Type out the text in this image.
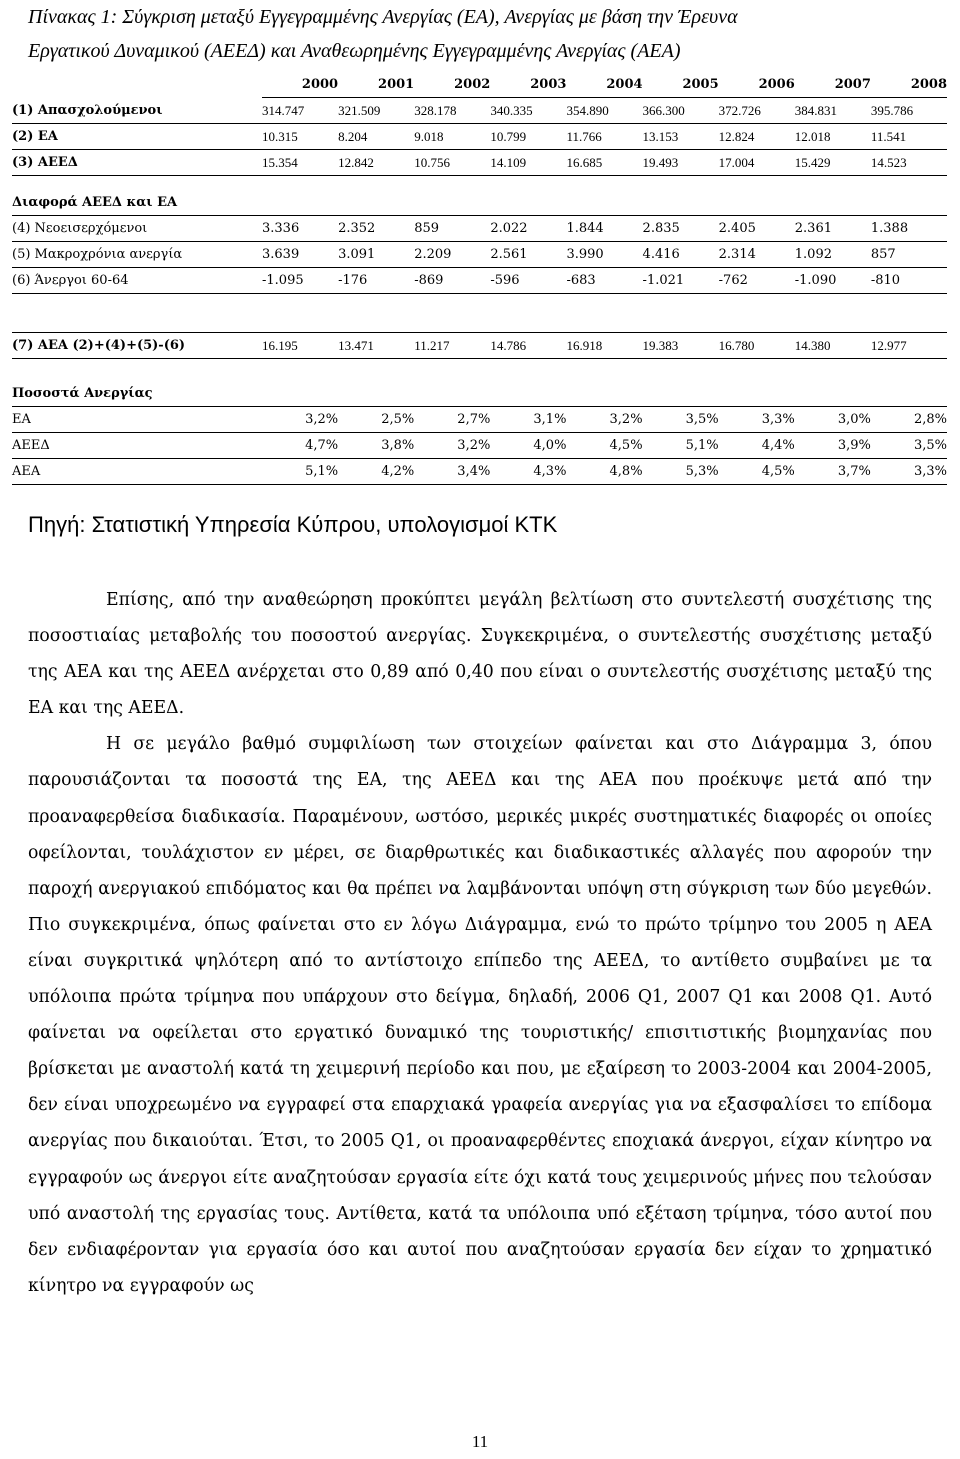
Πίνακας 1: Σύγκριση μεταξύ Εγγεγραμμένης Ανεργίας (ΕΑ), Ανεργίας με βάση την Έρευνα
Εργατικού Δυναμικού (ΑΕΕΔ) και Αναθεωρημένης Εγγεγραμμένης Ανεργίας (ΑΕΑ)
	2000	2001	2002	2003	2004	2005	2006	2007	2008
(1) Απασχολούμενοι	314.747	321.509	328.178	340.335	354.890	366.300	372.726	384.831	395.786
(2) ΕΑ	10.315	8.204	9.018	10.799	11.766	13.153	12.824	12.018	11.541
(3) ΑΕΕΔ	15.354	12.842	10.756	14.109	16.685	19.493	17.004	15.429	14.523

Διαφορά ΑΕΕΔ και ΕΑ									
(4) Νεοεισερχόμενοι	3.336	2.352	859	2.022	1.844	2.835	2.405	2.361	1.388
(5) Μακροχρόνια ανεργία	3.639	3.091	2.209	2.561	3.990	4.416	2.314	1.092	857
(6) Άνεργοι 60-64	-1.095	-176	-869	-596	-683	-1.021	-762	-1.090	-810

(7) ΑΕΑ (2)+(4)+(5)-(6)	16.195	13.471	11.217	14.786	16.918	19.383	16.780	14.380	12.977

Ποσοστά Ανεργίας									
ΕΑ	3,2%	2,5%	2,7%	3,1%	3,2%	3,5%	3,3%	3,0%	2,8%
ΑΕΕΔ	4,7%	3,8%	3,2%	4,0%	4,5%	5,1%	4,4%	3,9%	3,5%
ΑΕΑ	5,1%	4,2%	3,4%	4,3%	4,8%	5,3%	4,5%	3,7%	3,3%

Πηγή: Στατιστική Υπηρεσία Κύπρου, υπολογισμοί ΚΤΚ

Επίσης, από την αναθεώρηση προκύπτει μεγάλη βελτίωση στο συντελεστή συσχέτισης της ποσοστιαίας μεταβολής του ποσοστού ανεργίας. Συγκεκριμένα, ο συντελεστής συσχέτισης μεταξύ της ΑΕΑ και της ΑΕΕΔ ανέρχεται στο 0,89 από 0,40 που είναι ο συντελεστής συσχέτισης μεταξύ της ΕΑ και της ΑΕΕΔ.

Η σε μεγάλο βαθμό συμφιλίωση των στοιχείων φαίνεται και στο Διάγραμμα 3, όπου παρουσιάζονται τα ποσοστά της ΕΑ, της ΑΕΕΔ και της ΑΕΑ που προέκυψε μετά από την προαναφερθείσα διαδικασία. Παραμένουν, ωστόσο, μερικές μικρές συστηματικές διαφορές οι οποίες οφείλονται, τουλάχιστον εν μέρει, σε διαρθρωτικές και διαδικαστικές αλλαγές που αφορούν την παροχή ανεργιακού επιδόματος και θα πρέπει να λαμβάνονται υπόψη στη σύγκριση των δύο μεγεθών. Πιο συγκεκριμένα, όπως φαίνεται στο εν λόγω Διάγραμμα, ενώ το πρώτο τρίμηνο του 2005 η ΑΕΑ είναι συγκριτικά ψηλότερη από το αντίστοιχο επίπεδο της ΑΕΕΔ, το αντίθετο συμβαίνει με τα υπόλοιπα πρώτα τρίμηνα που υπάρχουν στο δείγμα, δηλαδή, 2006 Q1, 2007 Q1 και 2008 Q1. Αυτό φαίνεται να οφείλεται στο εργατικό δυναμικό της τουριστικής/ επισιτιστικής βιομηχανίας που βρίσκεται με αναστολή κατά τη χειμερινή περίοδο και που, με εξαίρεση το 2003-2004 και 2004-2005, δεν είναι υποχρεωμένο να εγγραφεί στα επαρχιακά γραφεία ανεργίας για να εξασφαλίσει το επίδομα ανεργίας που δικαιούται. Έτσι, το 2005 Q1, οι προαναφερθέντες εποχιακά άνεργοι, είχαν κίνητρο να εγγραφούν ως άνεργοι είτε αναζητούσαν εργασία είτε όχι κατά τους χειμερινούς μήνες που τελούσαν υπό αναστολή της εργασίας τους. Αντίθετα, κατά τα υπόλοιπα υπό εξέταση τρίμηνα, τόσο αυτοί που δεν ενδιαφέρονταν για εργασία όσο και αυτοί που αναζητούσαν εργασία δεν είχαν το χρηματικό κίνητρο να εγγραφούν ως

11
